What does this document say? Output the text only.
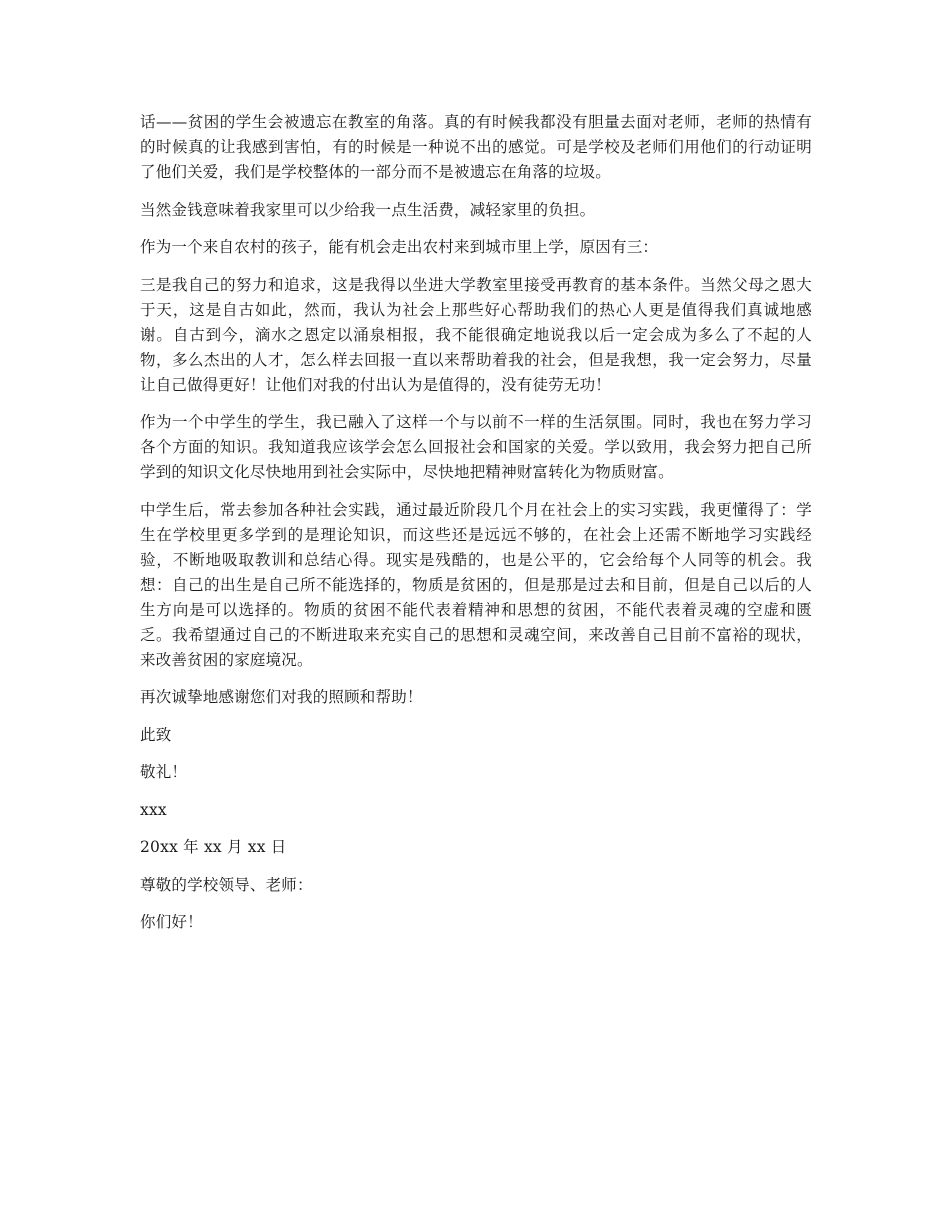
话——贫困的学生会被遗忘在教室的角落。真的有时候我都没有胆量去面对老师，老师的热情有的时候真的让我感到害怕，有的时候是一种说不出的感觉。可是学校及老师们用他们的行动证明了他们关爱，我们是学校整体的一部分而不是被遗忘在角落的垃圾。

当然金钱意味着我家里可以少给我一点生活费，减轻家里的负担。

作为一个来自农村的孩子，能有机会走出农村来到城市里上学，原因有三：

三是我自己的努力和追求，这是我得以坐进大学教室里接受再教育的基本条件。当然父母之恩大于天，这是自古如此，然而，我认为社会上那些好心帮助我们的热心人更是值得我们真诚地感谢。自古到今，滴水之恩定以涌泉相报，我不能很确定地说我以后一定会成为多么了不起的人物，多么杰出的人才，怎么样去回报一直以来帮助着我的社会，但是我想，我一定会努力，尽量让自己做得更好！让他们对我的付出认为是值得的，没有徒劳无功！

作为一个中学生的学生，我已融入了这样一个与以前不一样的生活氛围。同时，我也在努力学习各个方面的知识。我知道我应该学会怎么回报社会和国家的关爱。学以致用，我会努力把自己所学到的知识文化尽快地用到社会实际中，尽快地把精神财富转化为物质财富。

中学生后，常去参加各种社会实践，通过最近阶段几个月在社会上的实习实践，我更懂得了：学生在学校里更多学到的是理论知识，而这些还是远远不够的，在社会上还需不断地学习实践经验，不断地吸取教训和总结心得。现实是残酷的，也是公平的，它会给每个人同等的机会。我想：自己的出生是自己所不能选择的，物质是贫困的，但是那是过去和目前，但是自己以后的人生方向是可以选择的。物质的贫困不能代表着精神和思想的贫困，不能代表着灵魂的空虚和匮乏。我希望通过自己的不断进取来充实自己的思想和灵魂空间，来改善自己目前不富裕的现状，来改善贫困的家庭境况。

再次诚挚地感谢您们对我的照顾和帮助！

此致

敬礼！

xxx

20xx 年 xx 月 xx 日

尊敬的学校领导、老师：

你们好！
